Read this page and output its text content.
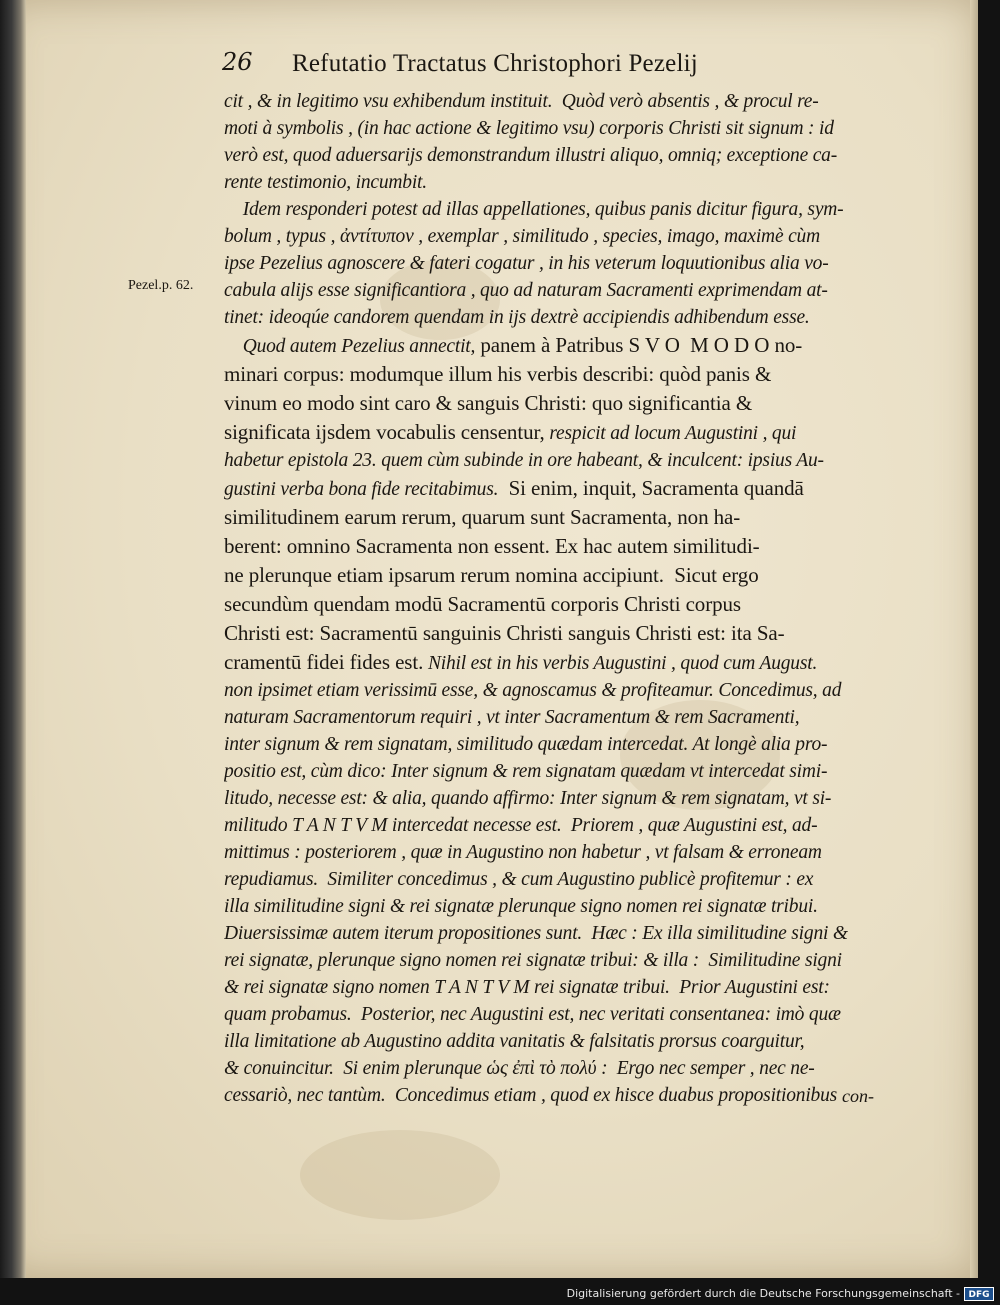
26 Refutatio Tractatus Christophori Pezelij
Pezel.p. 62.
cit , & in legitimo vsu exhibendum instituit.  Quòd verò absentis , & procul re-
moti à symbolis , (in hac actione & legitimo vsu) corporis Christi sit signum : id
verò est, quod aduersarijs demonstrandum illustri aliquo, omniq; exceptione ca-
rente testimonio, incumbit.
Idem responderi potest ad illas appellationes, quibus panis dicitur figura, sym-
bolum , typus , ἀντίτυπον , exemplar , similitudo , species, imago, maximè cùm
ipse Pezelius agnoscere & fateri cogatur , in his veterum loquutionibus alia vo-
cabula alijs esse significantiora , quo ad naturam Sacramenti exprimendam at-
tinet: ideoqúe candorem quendam in ijs dextrè accipiendis adhibendum esse.
Quod autem Pezelius annectit, panem à Patribus S V O  M O D O no-
minari corpus: modumque illum his verbis describi: quòd panis &
vinum eo modo sint caro & sanguis Christi: quo significantia &
significata ijsdem vocabulis censentur, respicit ad locum Augustini , qui
habetur epistola 23. quem cùm subinde in ore habeant, & inculcent: ipsius Au-
gustini verba bona fide recitabimus.  Si enim, inquit, Sacramenta quandā
similitudinem earum rerum, quarum sunt Sacramenta, non ha-
berent: omnino Sacramenta non essent. Ex hac autem similitudi-
ne plerunque etiam ipsarum rerum nomina accipiunt.  Sicut ergo
secundùm quendam modū Sacramentū corporis Christi corpus
Christi est: Sacramentū sanguinis Christi sanguis Christi est: ita Sa-
cramentū fidei fides est. Nihil est in his verbis Augustini , quod cum August.
non ipsimet etiam verissimū esse, & agnoscamus & profiteamur. Concedimus, ad
naturam Sacramentorum requiri , vt inter Sacramentum & rem Sacramenti,
inter signum & rem signatam, similitudo quædam intercedat. At longè alia pro-
positio est, cùm dico: Inter signum & rem signatam quædam vt intercedat simi-
litudo, necesse est: & alia, quando affirmo: Inter signum & rem signatam, vt si-
militudo T A N T V M intercedat necesse est.  Priorem , quæ Augustini est, ad-
mittimus : posteriorem , quæ in Augustino non habetur , vt falsam & erroneam
repudiamus.  Similiter concedimus , & cum Augustino publicè profitemur : ex
illa similitudine signi & rei signatæ plerunque signo nomen rei signatæ tribui.
Diuersissimæ autem iterum propositiones sunt.  Hæc : Ex illa similitudine signi &
rei signatæ, plerunque signo nomen rei signatæ tribui: & illa :  Similitudine signi
& rei signatæ signo nomen T A N T V M rei signatæ tribui.  Prior Augustini est:
quam probamus.  Posterior, nec Augustini est, nec veritati consentanea: imò quæ
illa limitatione ab Augustino addita vanitatis & falsitatis prorsus coarguitur,
& conuincitur.  Si enim plerunque ὡς ἐπὶ τὸ πολύ :  Ergo nec semper , nec ne-
cessariò, nec tantùm.  Concedimus etiam , quod ex hisce duabus propositionibus con-
Digitalisierung gefördert durch die Deutsche Forschungsgemeinschaft - DFG
